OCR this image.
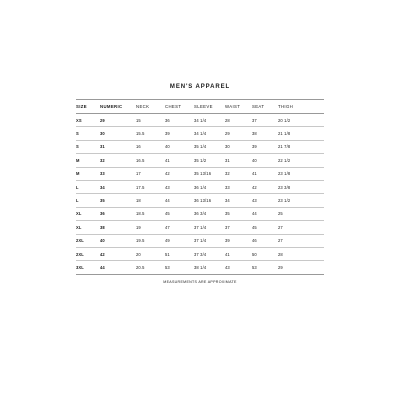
MEN'S APPAREL
SIZE	NUMERIC	NECK	CHEST	SLEEVE	WAIST	SEAT	THIGH
XS	29	15	36	34 1/4	28	37	20 1/2
S	30	15.5	39	34 1/4	29	38	21 1/8
S	31	16	40	35 1/4	30	39	21 7/8
M	32	16.5	41	35 1/2	31	40	22 1/2
M	33	17	42	35 13/16	32	41	23 1/8
L	34	17.5	43	36 1/4	33	42	23 3/8
L	35	18	44	36 13/16	34	43	23 1/2
XL	36	18.5	45	36 3/4	35	44	25
XL	38	19	47	37 1/4	37	45	27
2XL	40	19.5	49	37 1/4	39	46	27
2XL	42	20	51	37 3/4	41	50	28
3XL	44	20.5	53	38 1/4	43	53	29
MEASUREMENTS ARE APPROXIMATE
